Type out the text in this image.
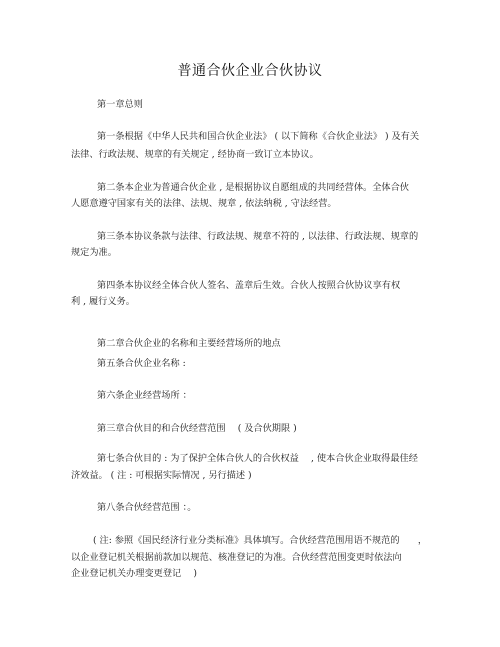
普通合伙企业合伙协议
第一章总则
第一条根据《中华人民共和国合伙企业法》 ( 以下简称《合伙企业法》 ) 及有关
法律、行政法规、规章的有关规定 , 经协商一致订立本协议。
第二条本企业为普通合伙企业 , 是根据协议自愿组成的共同经营体。全体合伙
人愿意遵守国家有关的法律、法规、规章 , 依法纳税 , 守法经营。
第三条本协议条款与法律、行政法规、规章不符的 , 以法律、行政法规、规章的
规定为准。
第四条本协议经全体合伙人签名、盖章后生效。合伙人按照合伙协议享有权
利 , 履行义务。
第二章合伙企业的名称和主要经营场所的地点
第五条合伙企业名称 :
第六条企业经营场所 ：
第三章合伙目的和合伙经营范围　 ( 及合伙期限 )
第七条合伙目的 : 为了保护全体合伙人的合伙权益　 , 使本合伙企业取得最佳经
济效益。 ( 注 : 可根据实际情况 , 另行描述 )
第八条合伙经营范围 ：。
( 注: 参照《国民经济行业分类标准》具体填写。合伙经营范围用语不规范的　　，
以企业登记机关根据前款加以规范、核准登记的为准。合伙经营范围变更时依法向
企业登记机关办理变更登记　 )
